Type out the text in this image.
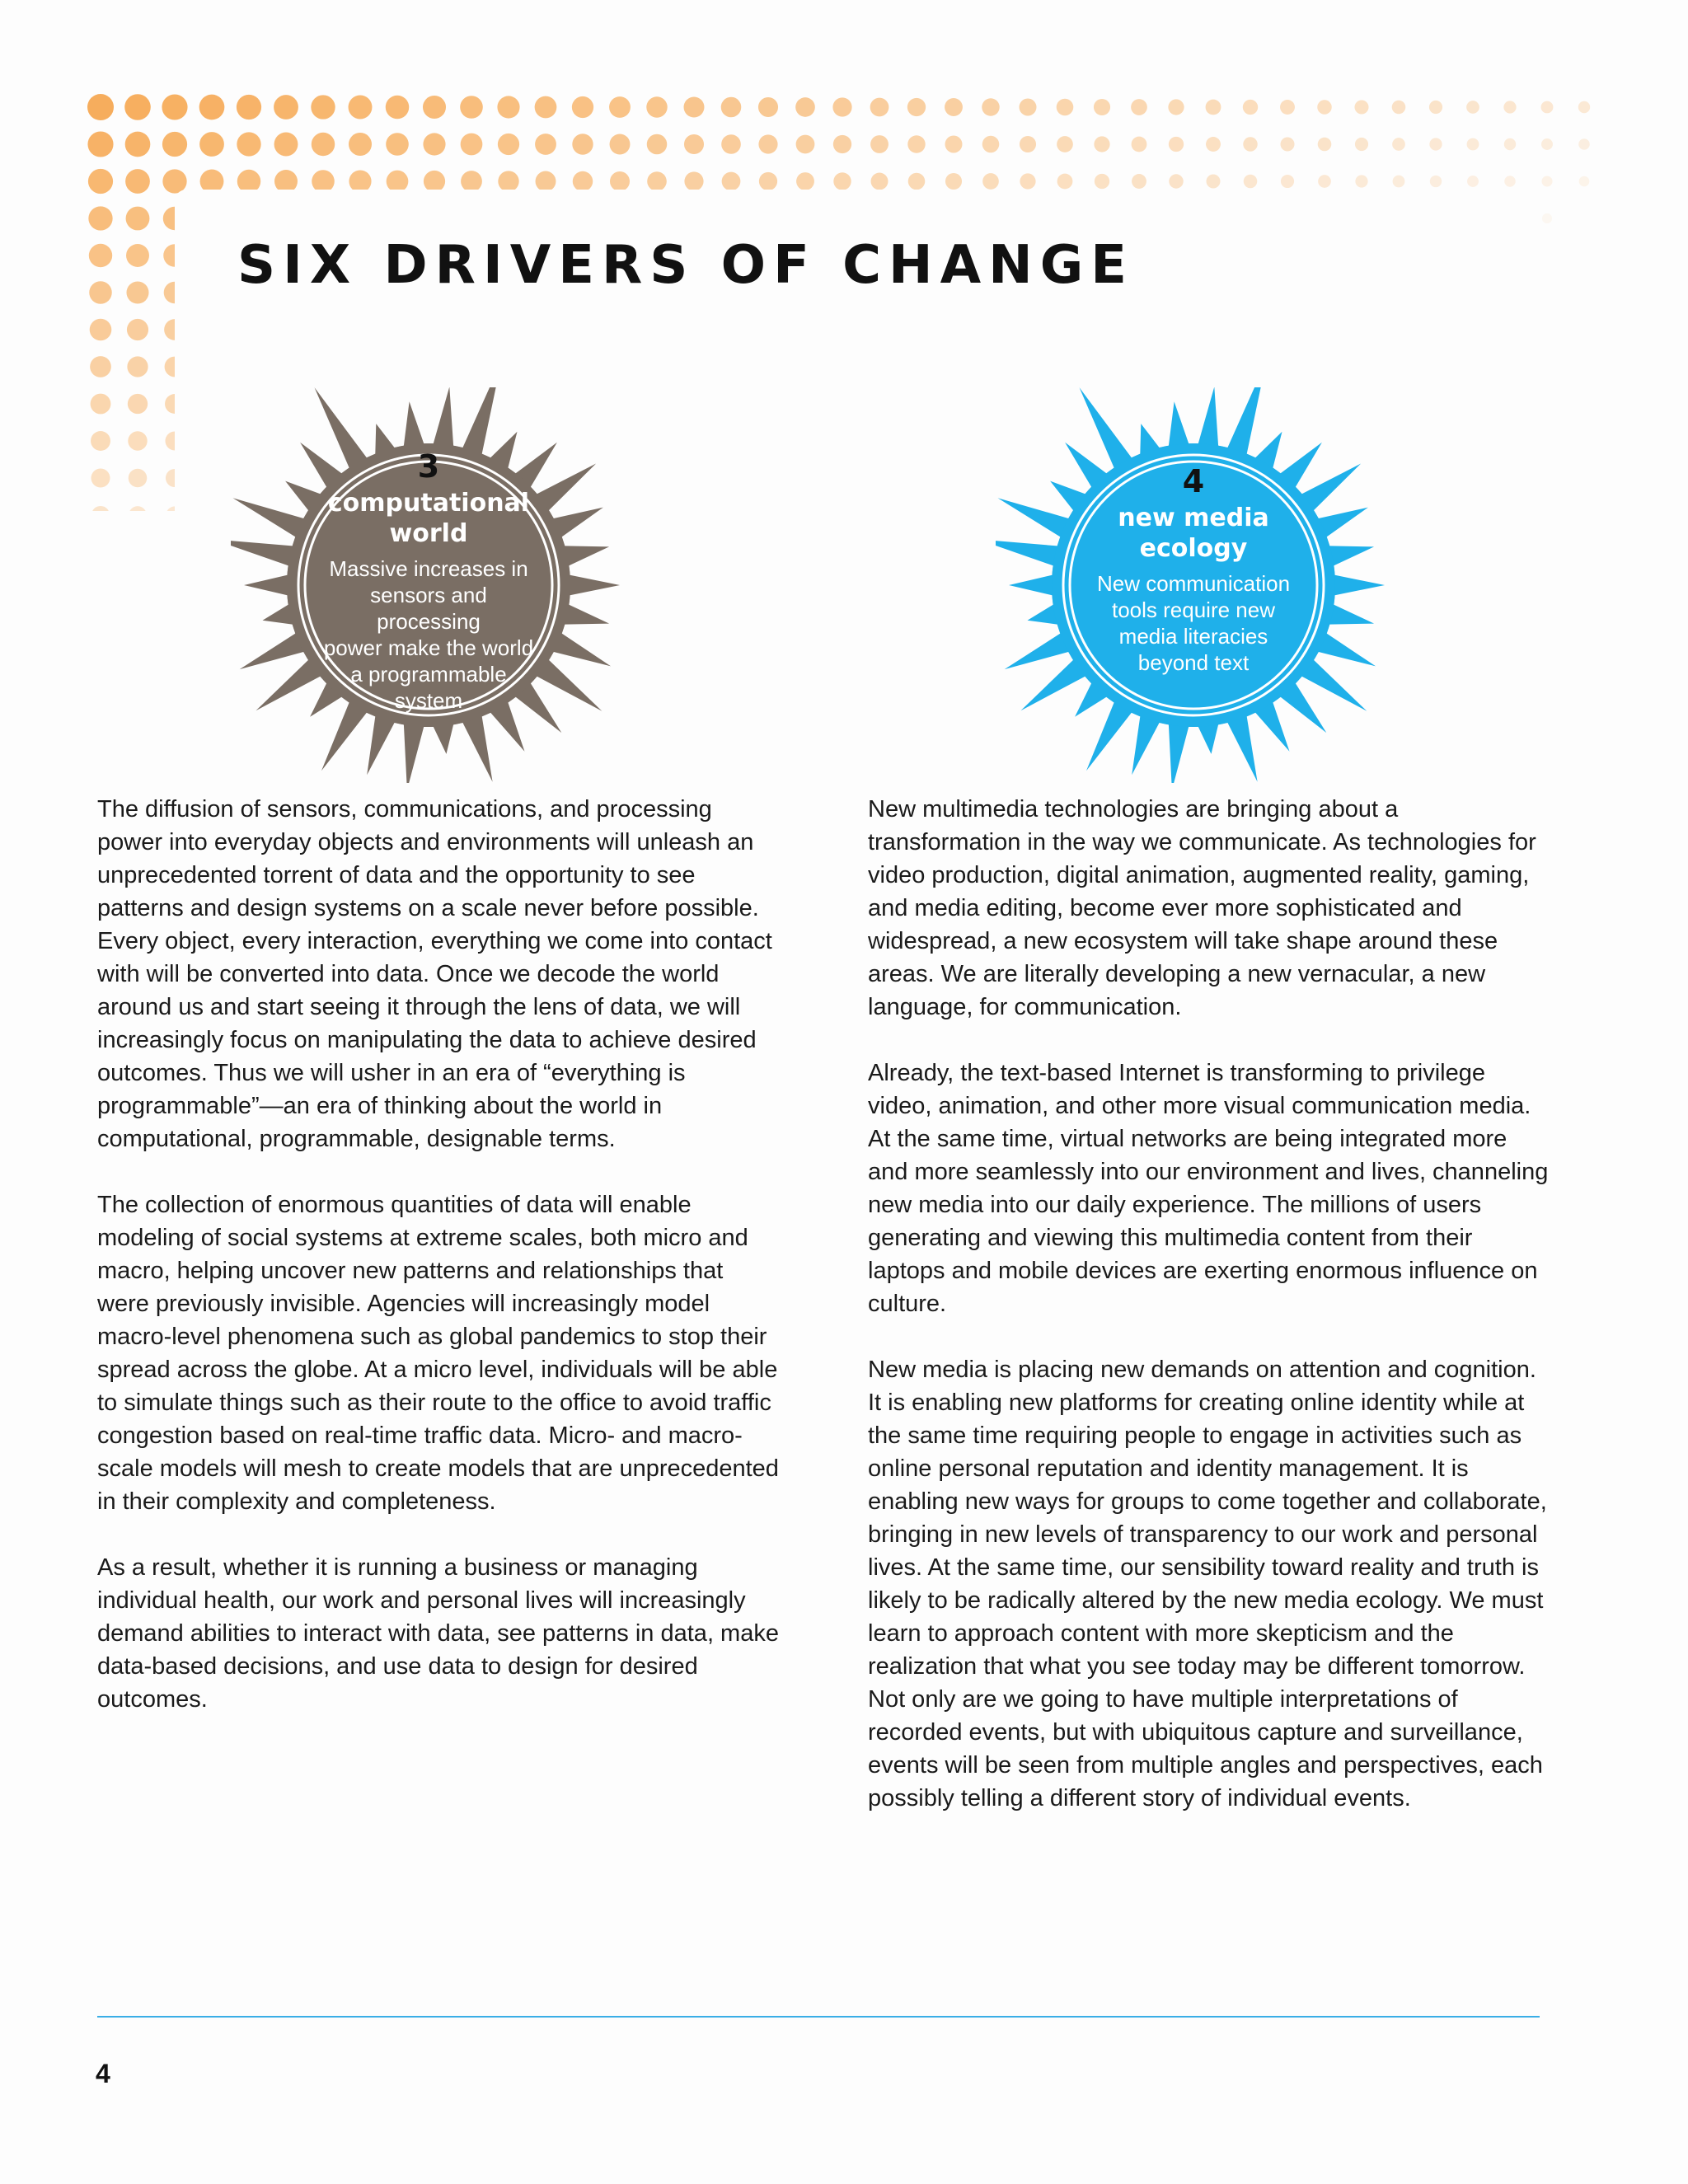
SIX DRIVERS OF CHANGE
3
computational
world
Massive increases in
sensors and processing
power make the world
a programmable
system
4
new media
ecology
New communication
tools require new
media literacies
beyond text

The diffusion of sensors, communications, and processing power into everyday objects and environments will unleash an unprecedented torrent of data and the opportunity to see patterns and design systems on a scale never before possible. Every object, every interaction, everything we come into contact with will be converted into data. Once we decode the world around us and start seeing it through the lens of data, we will increasingly focus on manipulating the data to achieve desired outcomes. Thus we will usher in an era of “everything is programmable”—an era of thinking about the world in computational, programmable, designable terms.

The collection of enormous quantities of data will enable modeling of social systems at extreme scales, both micro and macro, helping uncover new patterns and relationships that were previously invisible. Agencies will increasingly model macro-level phenomena such as global pandemics to stop their spread across the globe. At a micro level, individuals will be able to simulate things such as their route to the office to avoid traffic congestion based on real-time traffic data. Micro- and macro-scale models will mesh to create models that are unprecedented in their complexity and completeness.

As a result, whether it is running a business or managing individual health, our work and personal lives will increasingly demand abilities to interact with data, see patterns in data, make data-based decisions, and use data to design for desired outcomes.

New multimedia technologies are bringing about a transformation in the way we communicate. As technologies for video production, digital animation, augmented reality, gaming, and media editing, become ever more sophisticated and widespread, a new ecosystem will take shape around these areas. We are literally developing a new vernacular, a new language, for communication.

Already, the text-based Internet is transforming to privilege video, animation, and other more visual communication media. At the same time, virtual networks are being integrated more and more seamlessly into our environment and lives, channeling new media into our daily experience. The millions of users generating and viewing this multimedia content from their laptops and mobile devices are exerting enormous influence on culture.

New media is placing new demands on attention and cognition. It is enabling new platforms for creating online identity while at the same time requiring people to engage in activities such as online personal reputation and identity management. It is enabling new ways for groups to come together and collaborate, bringing in new levels of transparency to our work and personal lives. At the same time, our sensibility toward reality and truth is likely to be radically altered by the new media ecology. We must learn to approach content with more skepticism and the realization that what you see today may be different tomorrow. Not only are we going to have multiple interpretations of recorded events, but with ubiquitous capture and surveillance, events will be seen from multiple angles and perspectives, each possibly telling a different story of individual events.

4
